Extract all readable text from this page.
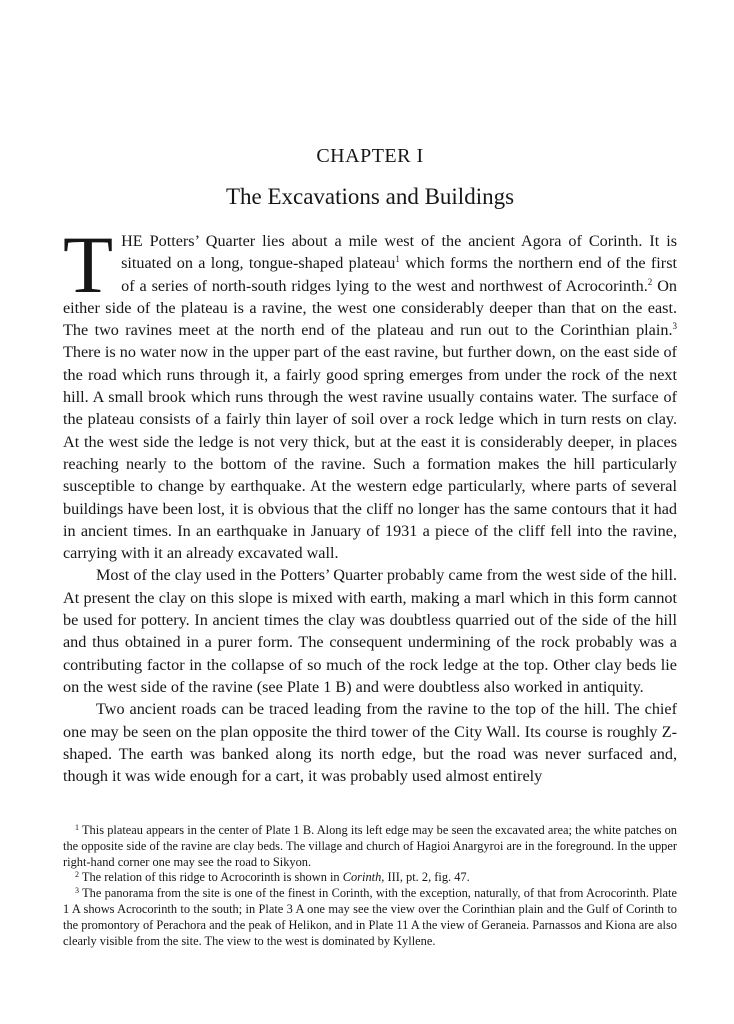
CHAPTER I
The Excavations and Buildings

THE Potters’ Quarter lies about a mile west of the ancient Agora of Corinth. It is situated on a long, tongue-shaped plateau$^1$ which forms the northern end of the first of a series of north-south ridges lying to the west and northwest of Acrocorinth.$^2$ On either side of the plateau is a ravine, the west one considerably deeper than that on the east. The two ravines meet at the north end of the plateau and run out to the Corinthian plain.$^3$ There is no water now in the upper part of the east ravine, but further down, on the east side of the road which runs through it, a fairly good spring emerges from under the rock of the next hill. A small brook which runs through the west ravine usually contains water. The surface of the plateau consists of a fairly thin layer of soil over a rock ledge which in turn rests on clay. At the west side the ledge is not very thick, but at the east it is considerably deeper, in places reaching nearly to the bottom of the ravine. Such a formation makes the hill particularly susceptible to change by earthquake. At the western edge particularly, where parts of several buildings have been lost, it is obvious that the cliff no longer has the same contours that it had in ancient times. In an earthquake in January of 1931 a piece of the cliff fell into the ravine, carrying with it an already excavated wall.

Most of the clay used in the Potters’ Quarter probably came from the west side of the hill. At present the clay on this slope is mixed with earth, making a marl which in this form cannot be used for pottery. In ancient times the clay was doubtless quarried out of the side of the hill and thus obtained in a purer form. The consequent undermining of the rock probably was a contributing factor in the collapse of so much of the rock ledge at the top. Other clay beds lie on the west side of the ravine (see Plate 1 B) and were doubtless also worked in antiquity.

Two ancient roads can be traced leading from the ravine to the top of the hill. The chief one may be seen on the plan opposite the third tower of the City Wall. Its course is roughly Z-shaped. The earth was banked along its north edge, but the road was never surfaced and, though it was wide enough for a cart, it was probably used almost entirely

$^1$ This plateau appears in the center of Plate 1 B. Along its left edge may be seen the excavated area; the white patches on the opposite side of the ravine are clay beds. The village and church of Hagioi Anargyroi are in the foreground. In the upper right-hand corner one may see the road to Sikyon.

$^2$ The relation of this ridge to Acrocorinth is shown in Corinth, III, pt. 2, fig. 47.

$^3$ The panorama from the site is one of the finest in Corinth, with the exception, naturally, of that from Acrocorinth. Plate 1 A shows Acrocorinth to the south; in Plate 3 A one may see the view over the Corinthian plain and the Gulf of Corinth to the promontory of Perachora and the peak of Helikon, and in Plate 11 A the view of Geraneia. Parnassos and Kiona are also clearly visible from the site. The view to the west is dominated by Kyllene.
